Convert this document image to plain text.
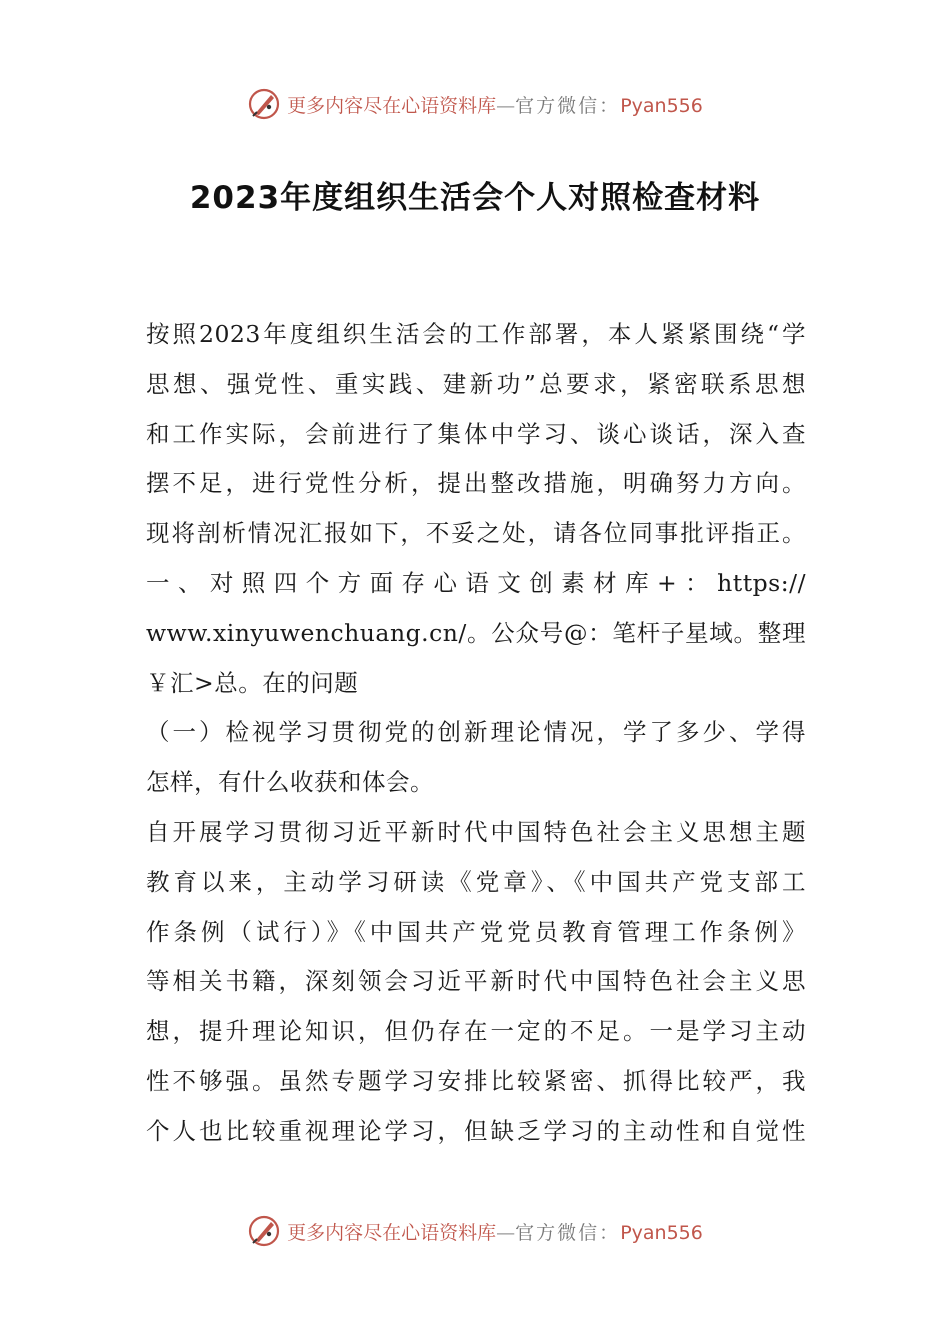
更多内容尽在心语资料库—官方微信：Pyan556
2023年度组织生活会个人对照检查材料
按照2023年度组织生活会的工作部署，本人紧紧围绕“学
思想、强党性、重实践、建新功”总要求，紧密联系思想
和工作实际，会前进行了集体中学习、谈心谈话，深入查
摆不足，进行党性分析，提出整改措施，明确努力方向。
现将剖析情况汇报如下，不妥之处，请各位同事批评指正。
一、对照四个方面存心语文创素材库+：https://
www.xinyuwenchuang.cn/。公众号@：笔杆子星域。整理
￥汇>总。在的问题
（一）检视学习贯彻党的创新理论情况，学了多少、学得
怎样，有什么收获和体会。
自开展学习贯彻习近平新时代中国特色社会主义思想主题
教育以来，主动学习研读《党章》、《中国共产党支部工
作条例（试行）》《中国共产党党员教育管理工作条例》
等相关书籍，深刻领会习近平新时代中国特色社会主义思
想，提升理论知识，但仍存在一定的不足。一是学习主动
性不够强。虽然专题学习安排比较紧密、抓得比较严，我
个人也比较重视理论学习，但缺乏学习的主动性和自觉性
更多内容尽在心语资料库—官方微信：Pyan556
